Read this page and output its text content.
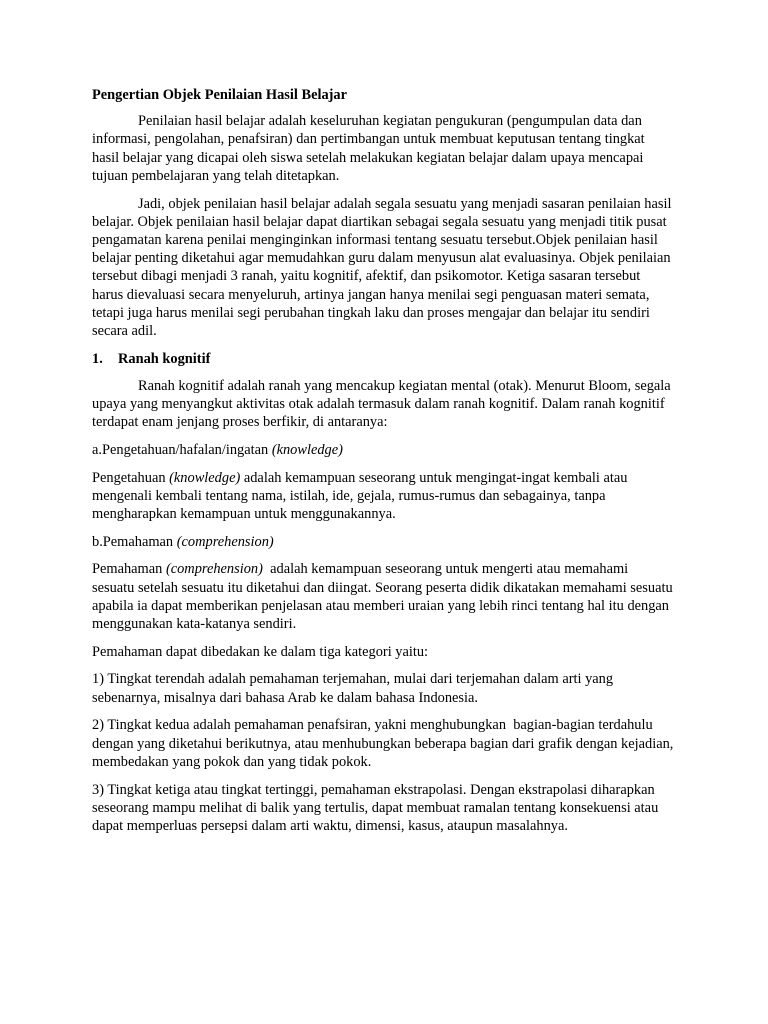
Pengertian Objek Penilaian Hasil Belajar

Penilaian hasil belajar adalah keseluruhan kegiatan pengukuran (pengumpulan data dan informasi, pengolahan, penafsiran) dan pertimbangan untuk membuat keputusan tentang tingkat hasil belajar yang dicapai oleh siswa setelah melakukan kegiatan belajar dalam upaya mencapai tujuan pembelajaran yang telah ditetapkan.

Jadi, objek penilaian hasil belajar adalah segala sesuatu yang menjadi sasaran penilaian hasil belajar. Objek penilaian hasil belajar dapat diartikan sebagai segala sesuatu yang menjadi titik pusat pengamatan karena penilai menginginkan informasi tentang sesuatu tersebut.Objek penilaian hasil belajar penting diketahui agar memudahkan guru dalam menyusun alat evaluasinya. Objek penilaian tersebut dibagi menjadi 3 ranah, yaitu kognitif, afektif, dan psikomotor. Ketiga sasaran tersebut harus dievaluasi secara menyeluruh, artinya jangan hanya menilai segi penguasan materi semata, tetapi juga harus menilai segi perubahan tingkah laku dan proses mengajar dan belajar itu sendiri secara adil.

1. Ranah kognitif

Ranah kognitif adalah ranah yang mencakup kegiatan mental (otak). Menurut Bloom, segala upaya yang menyangkut aktivitas otak adalah termasuk dalam ranah kognitif. Dalam ranah kognitif terdapat enam jenjang proses berfikir, di antaranya:

a.Pengetahuan/hafalan/ingatan (knowledge)

Pengetahuan (knowledge) adalah kemampuan seseorang untuk mengingat-ingat kembali atau mengenali kembali tentang nama, istilah, ide, gejala, rumus-rumus dan sebagainya, tanpa mengharapkan kemampuan untuk menggunakannya.

b.Pemahaman (comprehension)

Pemahaman (comprehension)  adalah kemampuan seseorang untuk mengerti atau memahami sesuatu setelah sesuatu itu diketahui dan diingat. Seorang peserta didik dikatakan memahami sesuatu apabila ia dapat memberikan penjelasan atau memberi uraian yang lebih rinci tentang hal itu dengan menggunakan kata-katanya sendiri.

Pemahaman dapat dibedakan ke dalam tiga kategori yaitu:

1) Tingkat terendah adalah pemahaman terjemahan, mulai dari terjemahan dalam arti yang sebenarnya, misalnya dari bahasa Arab ke dalam bahasa Indonesia.

2) Tingkat kedua adalah pemahaman penafsiran, yakni menghubungkan  bagian-bagian terdahulu dengan yang diketahui berikutnya, atau menhubungkan beberapa bagian dari grafik dengan kejadian, membedakan yang pokok dan yang tidak pokok.

3) Tingkat ketiga atau tingkat tertinggi, pemahaman ekstrapolasi. Dengan ekstrapolasi diharapkan seseorang mampu melihat di balik yang tertulis, dapat membuat ramalan tentang konsekuensi atau dapat memperluas persepsi dalam arti waktu, dimensi, kasus, ataupun masalahnya.
